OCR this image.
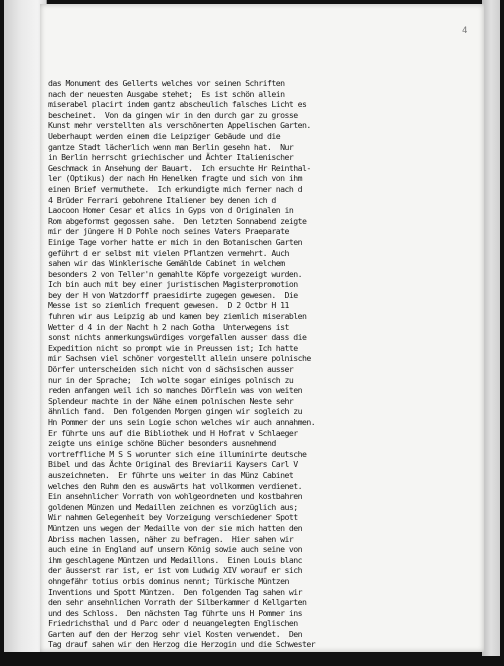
4
das Monument des Gellerts welches vor seinen Schriften
nach der neuesten Ausgabe stehet;  Es ist schön allein
miserabel placirt indem gantz abscheulich falsches Licht es
bescheinet.  Von da gingen wir in den durch gar zu grosse
Kunst mehr verstellten als verschönerten Appelischen Garten.
Ueberhaupt werden einem die Leipziger Gebäude und die
gantze Stadt lächerlich wenn man Berlin gesehn hat.  Nur
in Berlin herrscht griechischer und Ächter Italienischer
Geschmack in Ansehung der Bauart.  Ich ersuchte Hr Reinthal-
ler (Optikus) der nach Hn Henelken fragte und sich von ihm
einen Brief vermuthete.  Ich erkundigte mich ferner nach d
4 Brüder Ferrari gebohrene Italiener bey denen ich d
Laocoon Homer Cesar et alics in Gyps von d Originalen in
Rom abgeformst gegossen sahe.  Den letzten Sonnabend zeigte
mir der jüngere H D Pohle noch seines Vaters Praeparate
Einige Tage vorher hatte er mich in den Botanischen Garten
geführt d er selbst mit vielen Pflantzen vermehrt. Auch
sahen wir das Winklerische Gemählde Cabinet in welchem
besonders 2 von Teller'n gemahlte Köpfe vorgezeigt wurden.
Ich bin auch mit bey einer juristischen Magisterpromotion
bey der H von Watzdorff praesidirte zugegen gewesen.  Die
Messe ist so ziemlich frequent gewesen.  D 2 Octbr H 11
fuhren wir aus Leipzig ab und kamen bey ziemlich miserablen
Wetter d 4 in der Nacht h 2 nach Gotha  Unterwegens ist
sonst nichts anmerkungswürdiges vorgefallen ausser dass die
Expedition nicht so prompt wie in Preussen ist; Ich hatte
mir Sachsen viel schöner vorgestellt allein unsere polnische
Dörfer unterscheiden sich nicht von d sächsischen ausser
nur in der Sprache;  Ich wolte sogar einiges polnisch zu
reden anfangen weil ich so manches Dörflein was von weiten
Splendeur machte in der Nähe einem polnischen Neste sehr
ähnlich fand.  Den folgenden Morgen gingen wir sogleich zu
Hn Pommer der uns sein Logie schon welches wir auch annahmen.
Er führte uns auf die Bibliothek und H Hofrat v Schlaeger
zeigte uns einige schöne Bücher besonders ausnehmend
vortreffliche M S S worunter sich eine illuminirte deutsche
Bibel und das Ächte Original des Breviarii Kaysers Carl V
auszeichneten.  Er führte uns weiter in das Münz Cabinet
welches den Ruhm den es auswärts hat vollkommen verdienet.
Ein ansehnlicher Vorrath von wohlgeordneten und kostbahren
goldenen Münzen und Medaillen zeichnen es vorzüglich aus;
Wir nahmen Gelegenheit bey Vorzeigung verschiedener Spott
Müntzen uns wegen der Medaille von der sie mich hatten den
Abriss machen lassen, näher zu befragen.  Hier sahen wir
auch eine in England auf unsern König sowie auch seine von
ihm geschlagene Müntzen und Medaillons.  Einen Louis blanc
der äusserst rar ist, er ist vom Ludwig XIV worauf er sich
ohngefähr totius orbis dominus nennt; Türkische Müntzen
Inventions und Spott Müntzen.  Den folgenden Tag sahen wir
den sehr ansehnlichen Vorrath der Silberkammer d Kellgarten
und des Schloss.  Den nächsten Tag führte uns H Pommer ins
Friedrichsthal und d Parc oder d neuangelegten Englischen
Garten auf den der Herzog sehr viel Kosten verwendet.  Den
Tag drauf sahen wir den Herzog die Herzogin und die Schwester
